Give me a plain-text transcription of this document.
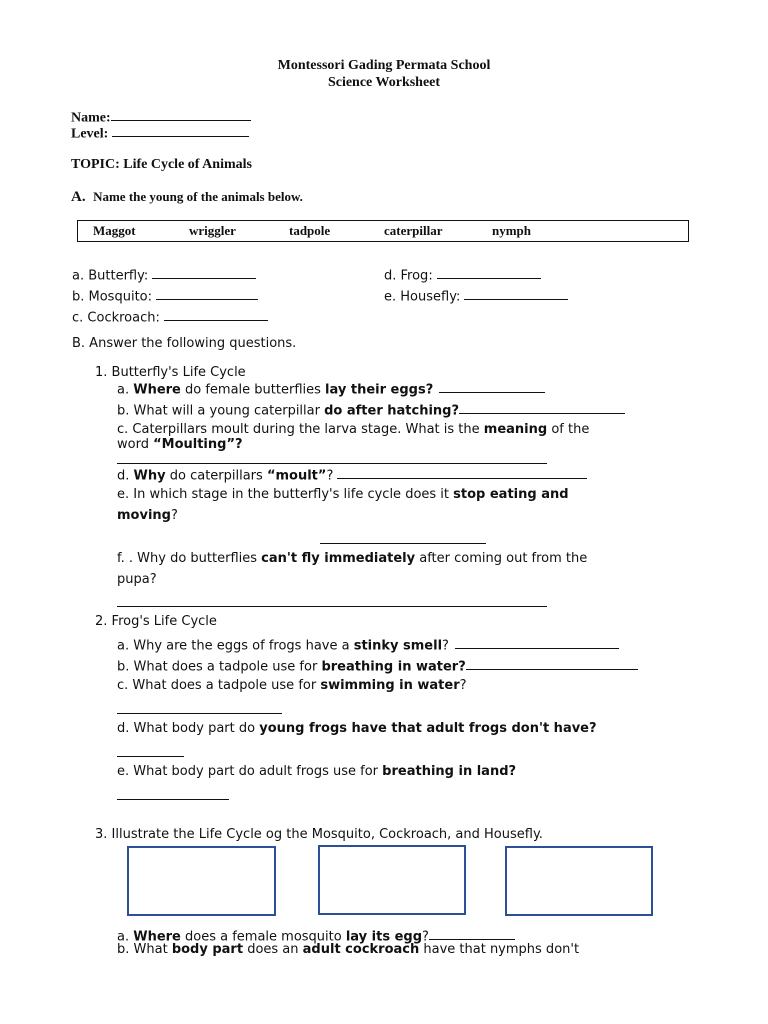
Montessori Gading Permata School
Science Worksheet
Name:
Level:
TOPIC: Life Cycle of Animals
A. Name the young of the animals below.
Maggot	wriggler	tadpole	caterpillar	nymph
a. Butterfly:
b. Mosquito:
c. Cockroach:
d. Frog:
e. Housefly:
B. Answer the following questions.
1. Butterfly's Life Cycle
a. Where do female butterflies lay their eggs?
b. What will a young caterpillar do after hatching?
c. Caterpillars moult during the larva stage. What is the meaning of the
word “Moulting”?
d. Why do caterpillars “moult”?
e. In which stage in the butterfly's life cycle does it stop eating and
moving?
f. . Why do butterflies can't fly immediately after coming out from the
pupa?
2. Frog's Life Cycle
a. Why are the eggs of frogs have a stinky smell?
b. What does a tadpole use for breathing in water?
c. What does a tadpole use for swimming in water?
d. What body part do young frogs have that adult frogs don't have?
e. What body part do adult frogs use for breathing in land?
3. Illustrate the Life Cycle og the Mosquito, Cockroach, and Housefly.
a. Where does a female mosquito lay its egg?
b. What body part does an adult cockroach have that nymphs don't
